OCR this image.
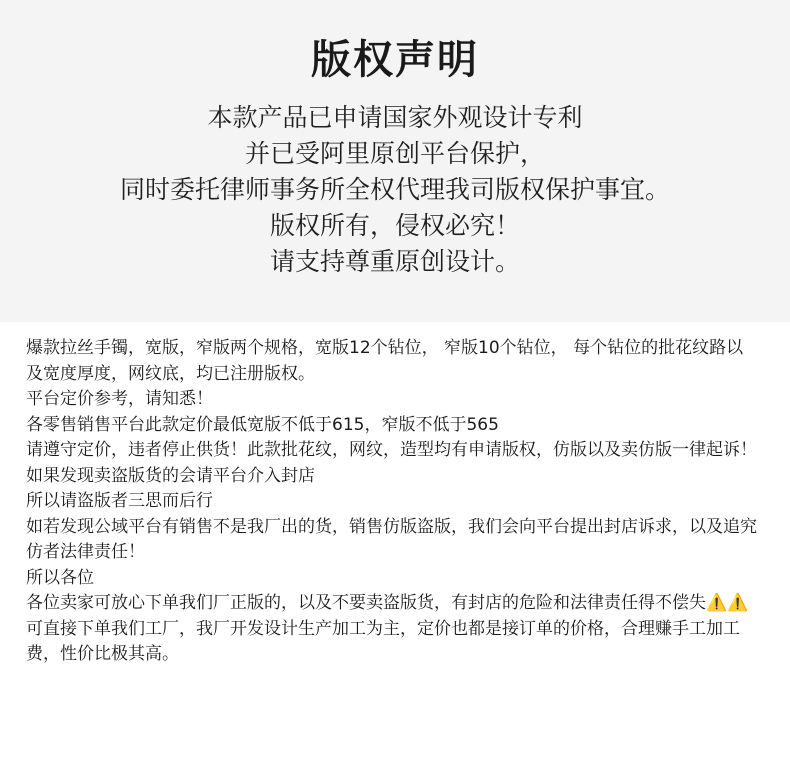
版权声明
本款产品已申请国家外观设计专利
并已受阿里原创平台保护，
同时委托律师事务所全权代理我司版权保护事宜。
版权所有，侵权必究！
请支持尊重原创设计。

爆款拉丝手镯，宽版，窄版两个规格，宽版12个钻位， 窄版10个钻位， 每个钻位的批花纹路以及宽度厚度，网纹底，均已注册版权。

平台定价参考，请知悉！

各零售销售平台此款定价最低宽版不低于615，窄版不低于565

请遵守定价，违者停止供货！此款批花纹，网纹，造型均有申请版权，仿版以及卖仿版一律起诉！

如果发现卖盗版货的会请平台介入封店

所以请盗版者三思而后行

如若发现公域平台有销售不是我厂出的货，销售仿版盗版，我们会向平台提出封店诉求，以及追究仿者法律责任！

所以各位

各位卖家可放心下单我们厂正版的，以及不要卖盗版货，有封店的危险和法律责任得不偿失⚠️⚠️

可直接下单我们工厂，我厂开发设计生产加工为主，定价也都是接订单的价格，合理赚手工加工费，性价比极其高。
